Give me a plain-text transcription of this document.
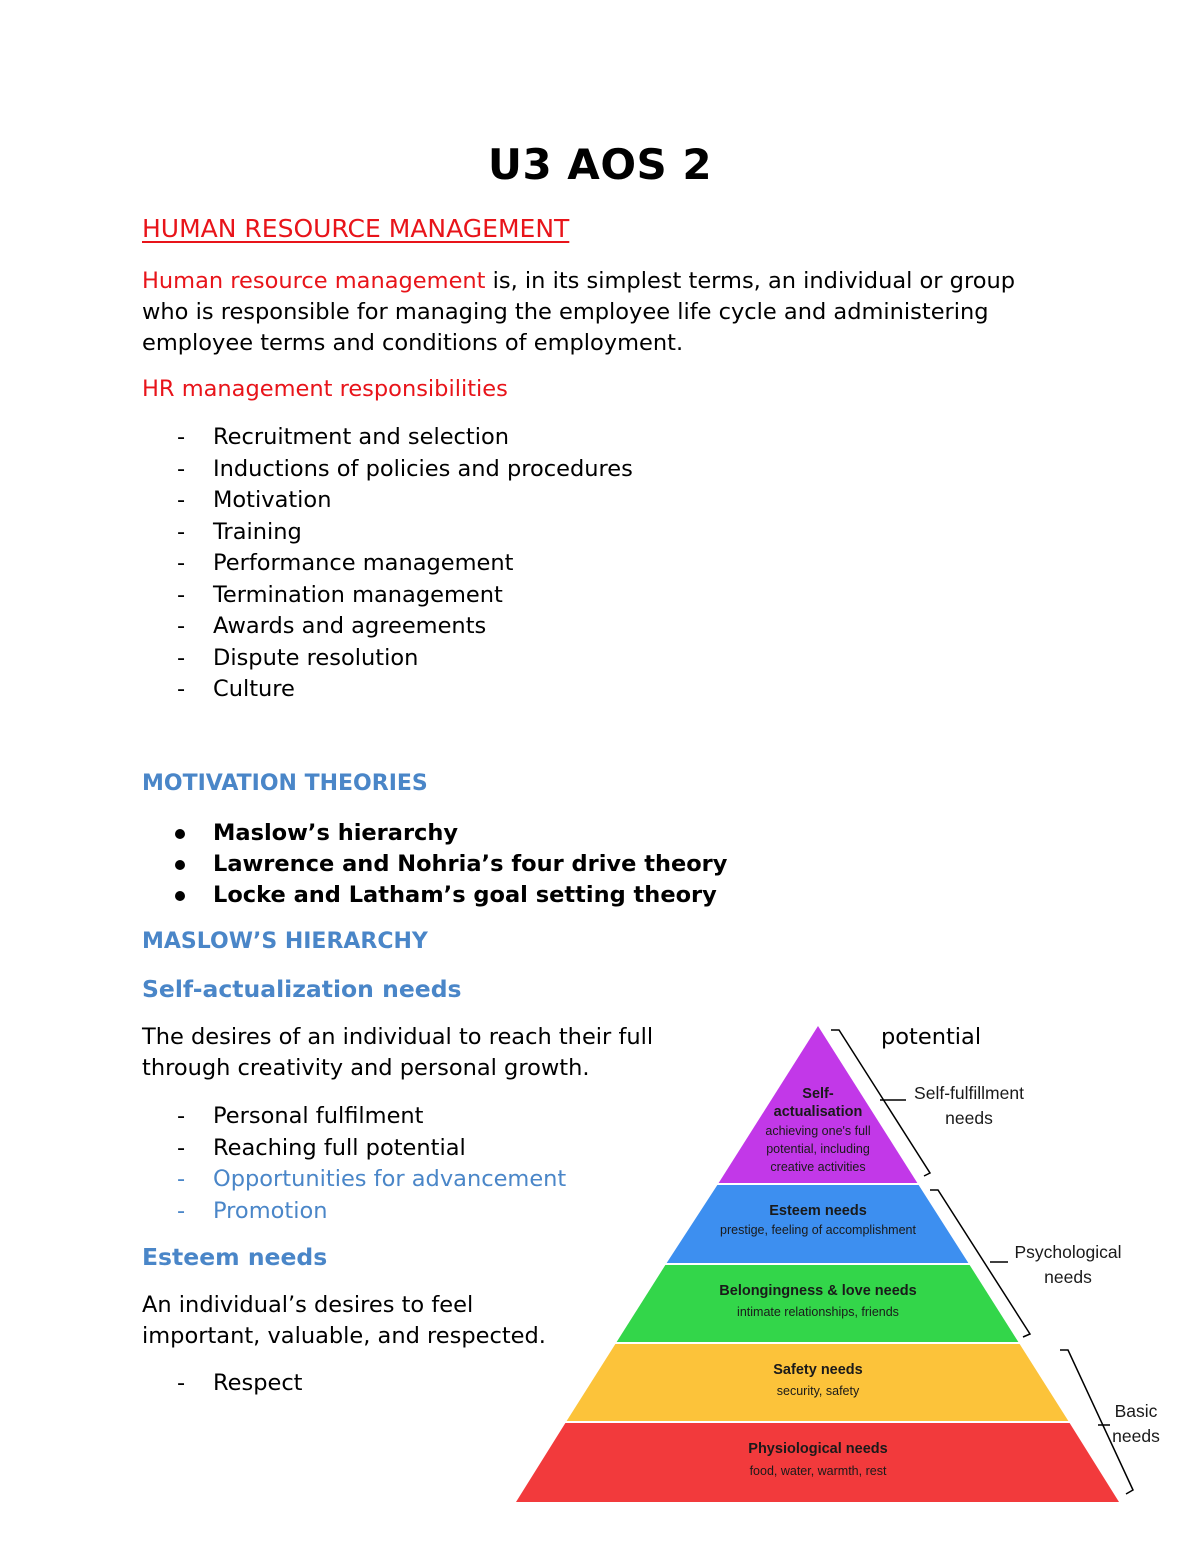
U3 AOS 2
HUMAN RESOURCE MANAGEMENT
Human resource management is, in its simplest terms, an individual or group
who is responsible for managing the employee life cycle and administering
employee terms and conditions of employment.
HR management responsibilities
- Recruitment and selection
- Inductions of policies and procedures
- Motivation
- Training
- Performance management
- Termination management
- Awards and agreements
- Dispute resolution
- Culture
MOTIVATION THEORIES
Maslow’s hierarchy
Lawrence and Nohria’s four drive theory
Locke and Latham’s goal setting theory
MASLOW’S HIERARCHY
Self-actualization needs
The desires of an individual to reach their full
through creativity and personal growth.
potential
- Personal fulfilment
- Reaching full potential
- Opportunities for advancement
- Promotion
Esteem needs
An individual’s desires to feel
important, valuable, and respected.
- Respect
Self-
actualisation
achieving one's full
potential, including
creative activities
Esteem needs
prestige, feeling of accomplishment
Belongingness & love needs
intimate relationships, friends
Safety needs
security, safety
Physiological needs
food, water, warmth, rest
Self-fulfillment
needs
Psychological
needs
Basic
needs
